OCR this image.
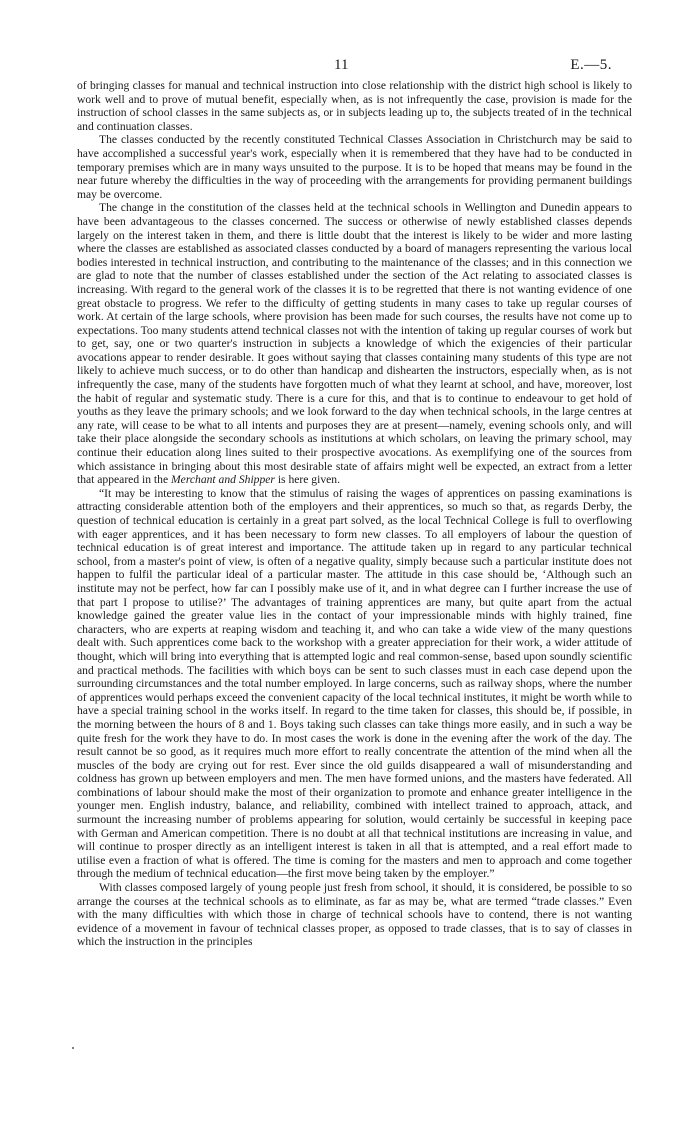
11	E.—5.

of bringing classes for manual and technical instruction into close relationship with the district high school is likely to work well and to prove of mutual benefit, especially when, as is not infrequently the case, provision is made for the instruction of school classes in the same subjects as, or in subjects leading up to, the subjects treated of in the technical and continuation classes.

The classes conducted by the recently constituted Technical Classes Association in Christchurch may be said to have accomplished a successful year's work, especially when it is remembered that they have had to be conducted in temporary premises which are in many ways unsuited to the purpose. It is to be hoped that means may be found in the near future whereby the difficulties in the way of proceeding with the arrangements for providing permanent buildings may be overcome.

The change in the constitution of the classes held at the technical schools in Wellington and Dunedin appears to have been advantageous to the classes concerned. The success or otherwise of newly established classes depends largely on the interest taken in them, and there is little doubt that the interest is likely to be wider and more lasting where the classes are established as associated classes conducted by a board of managers representing the various local bodies interested in technical instruction, and contributing to the maintenance of the classes; and in this connection we are glad to note that the number of classes established under the section of the Act relating to associated classes is increasing. With regard to the general work of the classes it is to be regretted that there is not wanting evidence of one great obstacle to progress. We refer to the difficulty of getting students in many cases to take up regular courses of work. At certain of the large schools, where provision has been made for such courses, the results have not come up to expectations. Too many students attend technical classes not with the intention of taking up regular courses of work but to get, say, one or two quarter's instruction in subjects a knowledge of which the exigencies of their particular avocations appear to render desirable. It goes without saying that classes containing many students of this type are not likely to achieve much success, or to do other than handicap and dishearten the instructors, especially when, as is not infrequently the case, many of the students have forgotten much of what they learnt at school, and have, moreover, lost the habit of regular and systematic study. There is a cure for this, and that is to continue to endeavour to get hold of youths as they leave the primary schools; and we look forward to the day when technical schools, in the large centres at any rate, will cease to be what to all intents and purposes they are at present—namely, evening schools only, and will take their place alongside the secondary schools as institutions at which scholars, on leaving the primary school, may continue their education along lines suited to their prospective avocations. As exemplifying one of the sources from which assistance in bringing about this most desirable state of affairs might well be expected, an extract from a letter that appeared in the Merchant and Shipper is here given.

“It may be interesting to know that the stimulus of raising the wages of apprentices on passing examinations is attracting considerable attention both of the employers and their apprentices, so much so that, as regards Derby, the question of technical education is certainly in a great part solved, as the local Technical College is full to overflowing with eager apprentices, and it has been necessary to form new classes. To all employers of labour the question of technical education is of great interest and importance. The attitude taken up in regard to any particular technical school, from a master's point of view, is often of a negative quality, simply because such a particular institute does not happen to fulfil the particular ideal of a particular master. The attitude in this case should be, ‘Although such an institute may not be perfect, how far can I possibly make use of it, and in what degree can I further increase the use of that part I propose to utilise?’ The advantages of training apprentices are many, but quite apart from the actual knowledge gained the greater value lies in the contact of your impressionable minds with highly trained, fine characters, who are experts at reaping wisdom and teaching it, and who can take a wide view of the many questions dealt with. Such apprentices come back to the workshop with a greater appreciation for their work, a wider attitude of thought, which will bring into everything that is attempted logic and real common-sense, based upon soundly scientific and practical methods. The facilities with which boys can be sent to such classes must in each case depend upon the surrounding circumstances and the total number employed. In large concerns, such as railway shops, where the number of apprentices would perhaps exceed the convenient capacity of the local technical institutes, it might be worth while to have a special training school in the works itself. In regard to the time taken for classes, this should be, if possible, in the morning between the hours of 8 and 1. Boys taking such classes can take things more easily, and in such a way be quite fresh for the work they have to do. In most cases the work is done in the evening after the work of the day. The result cannot be so good, as it requires much more effort to really concentrate the attention of the mind when all the muscles of the body are crying out for rest. Ever since the old guilds disappeared a wall of misunderstanding and coldness has grown up between employers and men. The men have formed unions, and the masters have federated. All combinations of labour should make the most of their organization to promote and enhance greater intelligence in the younger men. English industry, balance, and reliability, combined with intellect trained to approach, attack, and surmount the increasing number of problems appearing for solution, would certainly be successful in keeping pace with German and American competition. There is no doubt at all that technical institutions are increasing in value, and will continue to prosper directly as an intelligent interest is taken in all that is attempted, and a real effort made to utilise even a fraction of what is offered. The time is coming for the masters and men to approach and come together through the medium of technical education—the first move being taken by the employer.”

With classes composed largely of young people just fresh from school, it should, it is considered, be possible to so arrange the courses at the technical schools as to eliminate, as far as may be, what are termed “trade classes.” Even with the many difficulties with which those in charge of technical schools have to contend, there is not wanting evidence of a movement in favour of technical classes proper, as opposed to trade classes, that is to say of classes in which the instruction in the principles
